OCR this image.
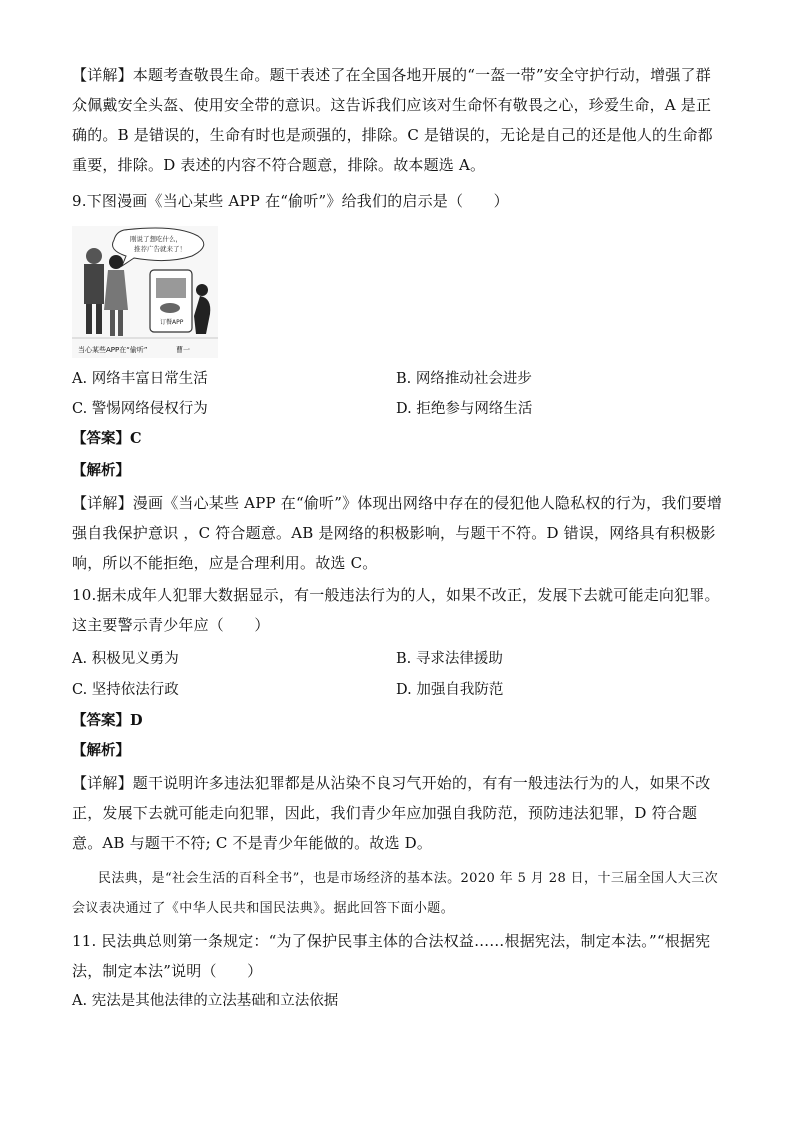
【详解】本题考查敬畏生命。题干表述了在全国各地开展的“一盔一带”安全守护行动，增强了群众佩戴安全头盔、使用安全带的意识。这告诉我们应该对生命怀有敬畏之心，珍爱生命，A 是正确的。B 是错误的，生命有时也是顽强的，排除。C 是错误的，无论是自己的还是他人的生命都重要，排除。D 表述的内容不符合题意，排除。故本题选 A。

9.下图漫画《当心某些 APP 在“偷听”》给我们的启示是（　　）

刚说了想吃什么， 推荐广告就来了！
订餐APP
当心某些APP在“偷听”	曹一
A. 网络丰富日常生活	B. 网络推动社会进步
C. 警惕网络侵权行为	D. 拒绝参与网络生活
【答案】C
【解析】

【详解】漫画《当心某些 APP 在“偷听”》体现出网络中存在的侵犯他人隐私权的行为，我们要增强自我保护意识 ，C 符合题意。AB 是网络的积极影响，与题干不符。D 错误，网络具有积极影响，所以不能拒绝，应是合理利用。故选 C。

10.据未成年人犯罪大数据显示，有一般违法行为的人，如果不改正，发展下去就可能走向犯罪。这主要警示青少年应（　　）

A. 积极见义勇为	B. 寻求法律援助
C. 坚持依法行政	D. 加强自我防范
【答案】D
【解析】

【详解】题干说明许多违法犯罪都是从沾染不良习气开始的，有有一般违法行为的人，如果不改正，发展下去就可能走向犯罪，因此，我们青少年应加强自我防范，预防违法犯罪，D 符合题意。AB 与题干不符; C 不是青少年能做的。故选 D。

民法典，是“社会生活的百科全书”，也是市场经济的基本法。2020 年 5 月 28 日，十三届全国人大三次会议表决通过了《中华人民共和国民法典》。据此回答下面小题。

11. 民法典总则第一条规定：“为了保护民事主体的合法权益……根据宪法，制定本法。”“根据宪法，制定本法”说明（　　）

A. 宪法是其他法律的立法基础和立法依据
